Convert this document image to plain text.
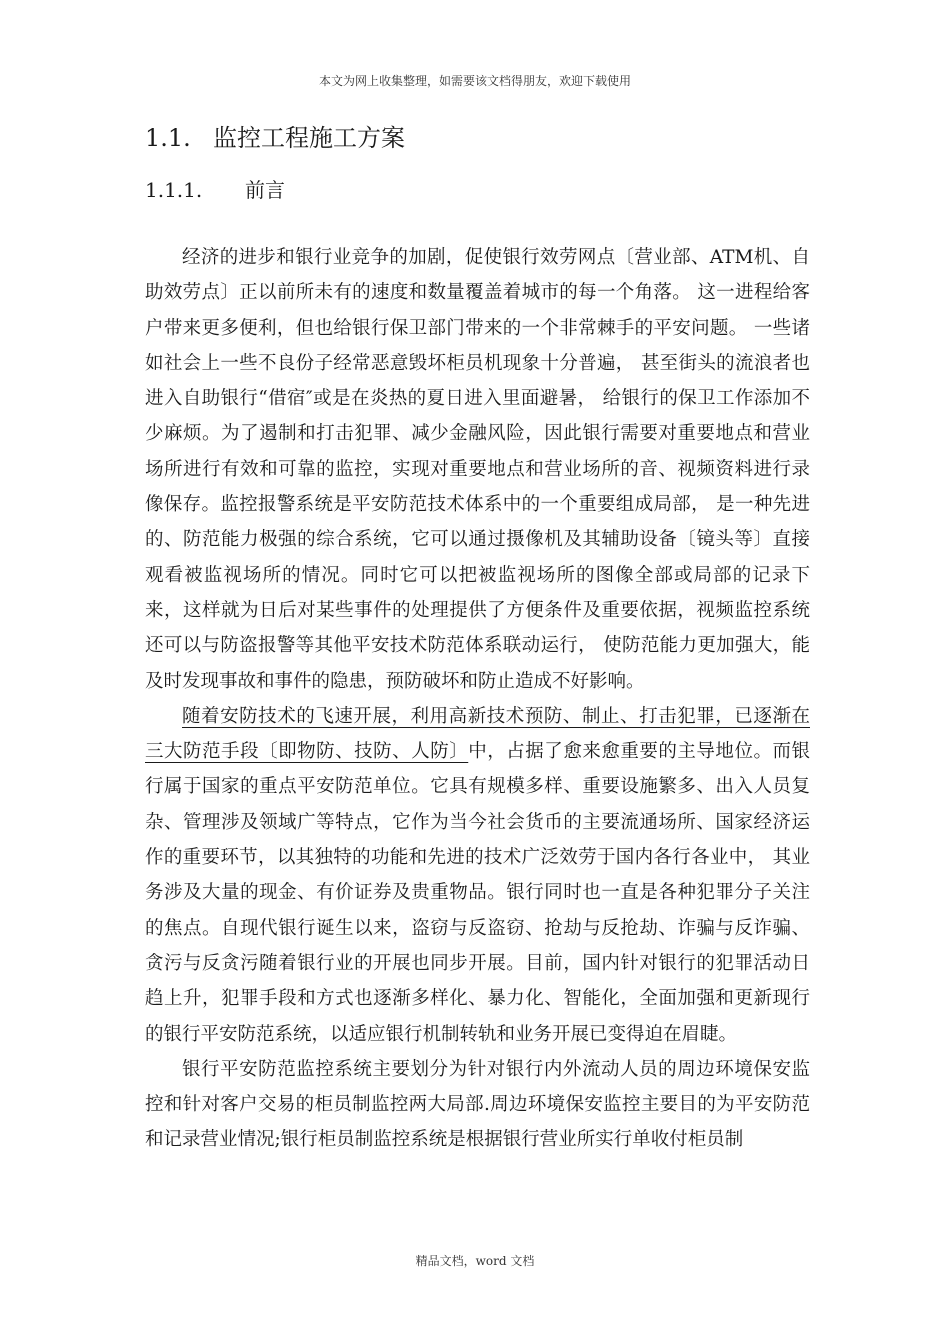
本文为网上收集整理，如需要该文档得朋友，欢迎下载使用
1.1. 监控工程施工方案
1.1.1. 前言

经济的进步和银行业竞争的加剧，促使银行效劳网点〔营业部、ATM机、自助效劳点〕正以前所未有的速度和数量覆盖着城市的每一个角落。 这一进程给客户带来更多便利，但也给银行保卫部门带来的一个非常棘手的平安问题。 一些诸如社会上一些不良份子经常恶意毁坏柜员机现象十分普遍， 甚至街头的流浪者也进入自助银行“借宿″或是在炎热的夏日进入里面避暑， 给银行的保卫工作添加不少麻烦。为了遏制和打击犯罪、减少金融风险，因此银行需要对重要地点和营业场所进行有效和可靠的监控，实现对重要地点和营业场所的音、视频资料进行录像保存。监控报警系统是平安防范技术体系中的一个重要组成局部， 是一种先进的、防范能力极强的综合系统，它可以通过摄像机及其辅助设备〔镜头等〕直接观看被监视场所的情况。同时它可以把被监视场所的图像全部或局部的记录下来，这样就为日后对某些事件的处理提供了方便条件及重要依据，视频监控系统还可以与防盗报警等其他平安技术防范体系联动运行， 使防范能力更加强大，能及时发现事故和事件的隐患，预防破坏和防止造成不好影响。

随着安防技术的飞速开展，利用高新技术预防、制止、打击犯罪，已逐渐在三大防范手段〔即物防、技防、人防〕中，占据了愈来愈重要的主导地位。而银行属于国家的重点平安防范单位。它具有规模多样、重要设施繁多、出入人员复杂、管理涉及领域广等特点，它作为当今社会货币的主要流通场所、国家经济运作的重要环节，以其独特的功能和先进的技术广泛效劳于国内各行各业中， 其业务涉及大量的现金、有价证券及贵重物品。银行同时也一直是各种犯罪分子关注的焦点。自现代银行诞生以来，盗窃与反盗窃、抢劫与反抢劫、诈骗与反诈骗、贪污与反贪污随着银行业的开展也同步开展。目前，国内针对银行的犯罪活动日趋上升，犯罪手段和方式也逐渐多样化、暴力化、智能化，全面加强和更新现行的银行平安防范系统，以适应银行机制转轨和业务开展已变得迫在眉睫。

银行平安防范监控系统主要划分为针对银行内外流动人员的周边环境保安监控和针对客户交易的柜员制监控两大局部.周边环境保安监控主要目的为平安防范和记录营业情况;银行柜员制监控系统是根据银行营业所实行单收付柜员制

精品文档，word 文档
